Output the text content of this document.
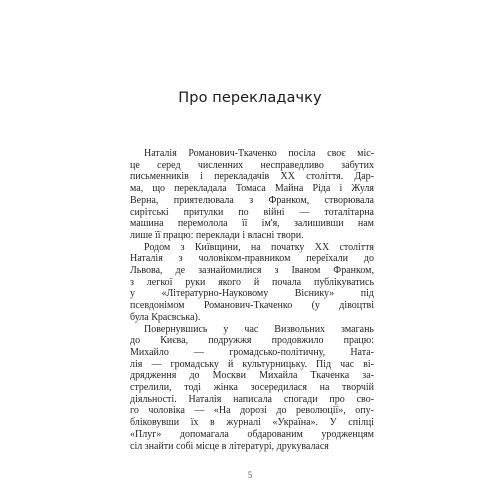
Про перекладачку

Наталія Романович-Ткаченко посіла своє міс-
це серед численних несправедливо забутих
письменників і перекладачів XX століття. Дар-
ма, що перекладала Томаса Майна Ріда і Жуля
Верна, приятелювала з Франком, створювала
сирітські притулки по війні — тоталітарна
машина перемолола її ім'я, залишивши нам
лише її працю: переклади і власні твори.

Родом з Київщини, на початку XX століття
Наталія з чоловіком-правником переїхали до
Львова, де зазнайомилися з Іваном Франком,
з легкої руки якого й почала публікуватись
у «Літературно-Науковому Віснику» під
псевдонімом Романович-Ткаченко (у дівоцтві
була Красвська).

Повернувшись у час Визвольних змагань
до Києва, подружжя продовжило працю:
Михайло — громадсько-політичну, Ната-
лія — громадську й культурницьку. Під час ві-
дрядження до Москви Михайла Ткаченка за-
стрелили, тоді жінка зосередилася на творчій
діяльності. Наталія написала спогади про сво-
го чоловіка — «На дорозі до революції», опу-
бліковувши їх в журналі «Україна». У спілці
«Плуг» допомагала обдарованим уродженцям
сіл знайти собі місце в літературі, друкувалася

5
